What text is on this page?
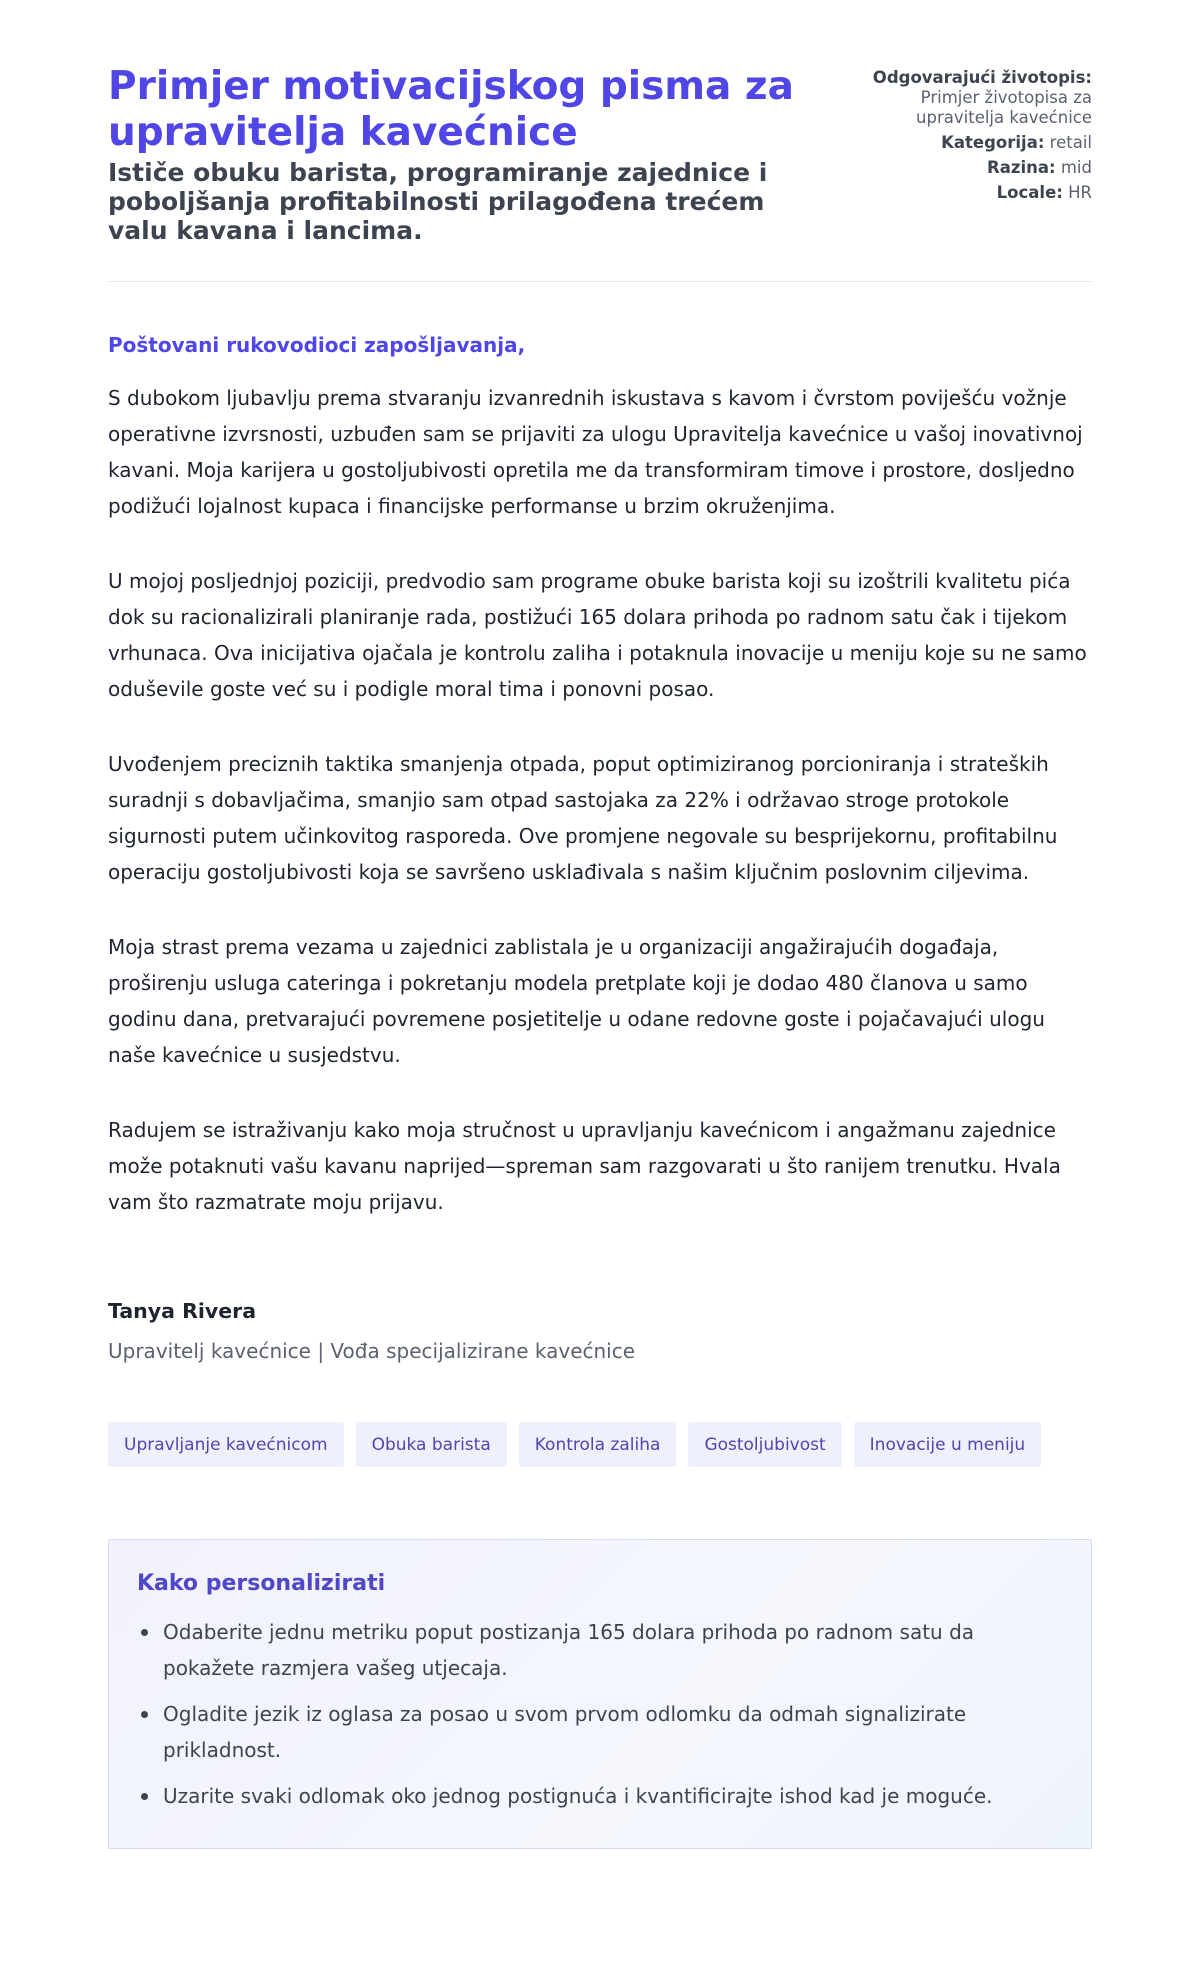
Primjer motivacijskog pisma za upravitelja kavećnice
Ističe obuku barista, programiranje zajednice i poboljšanja profitabilnosti prilagođena trećem valu kavana i lancima.
Odgovarajući životopis:
Primjer životopisa za upravitelja kavećnice
Kategorija: retail
Razina: mid
Locale: HR

Poštovani rukovodioci zapošljavanja,

S dubokom ljubavlju prema stvaranju izvanrednih iskustava s kavom i čvrstom poviješću vožnje operativne izvrsnosti, uzbuđen sam se prijaviti za ulogu Upravitelja kavećnice u vašoj inovativnoj kavani. Moja karijera u gostoljubivosti opretila me da transformiram timove i prostore, dosljedno podižući lojalnost kupaca i financijske performanse u brzim okruženjima.

U mojoj posljednjoj poziciji, predvodio sam programe obuke barista koji su izoštrili kvalitetu pića dok su racionalizirali planiranje rada, postižući 165 dolara prihoda po radnom satu čak i tijekom vrhunaca. Ova inicijativa ojačala je kontrolu zaliha i potaknula inovacije u meniju koje su ne samo oduševile goste već su i podigle moral tima i ponovni posao.

Uvođenjem preciznih taktika smanjenja otpada, poput optimiziranog porcioniranja i strateških suradnji s dobavljačima, smanjio sam otpad sastojaka za 22% i održavao stroge protokole sigurnosti putem učinkovitog rasporeda. Ove promjene negovale su besprijekornu, profitabilnu operaciju gostoljubivosti koja se savršeno usklađivala s našim ključnim poslovnim ciljevima.

Moja strast prema vezama u zajednici zablistala je u organizaciji angažirajućih događaja, proširenju usluga cateringa i pokretanju modela pretplate koji je dodao 480 članova u samo godinu dana, pretvarajući povremene posjetitelje u odane redovne goste i pojačavajući ulogu naše kavećnice u susjedstvu.

Radujem se istraživanju kako moja stručnost u upravljanju kavećnicom i angažmanu zajednice može potaknuti vašu kavanu naprijed—spreman sam razgovarati u što ranijem trenutku. Hvala vam što razmatrate moju prijavu.

Tanya Rivera
Upravitelj kavećnice | Vođa specijalizirane kavećnice
Upravljanje kavećnicom	Obuka barista	Kontrola zaliha	Gostoljubivost	Inovacije u meniju
Kako personalizirati
Odaberite jednu metriku poput postizanja 165 dolara prihoda po radnom satu da pokažete razmjera vašeg utjecaja.
Ogladite jezik iz oglasa za posao u svom prvom odlomku da odmah signalizirate prikladnost.
Uzarite svaki odlomak oko jednog postignuća i kvantificirajte ishod kad je moguće.
